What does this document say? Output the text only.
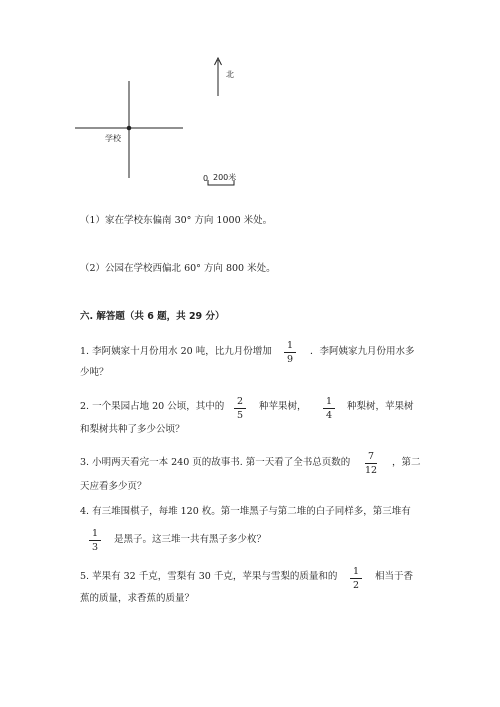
北
学校
0 200米
（1）家在学校东偏南 30° 方向 1000 米处。
（2）公园在学校西偏北 60° 方向 800 米处。
六. 解答题（共 6 题，共 29 分）
1. 李阿姨家十月份用水 20 吨，比九月份增加
1
9
．李阿姨家九月份用水多
少吨？
2. 一个果园占地 20 公顷，其中的	2
5
种苹果树，	1
4
种梨树，苹果树
和梨树共种了多少公顷？
3. 小明两天看完一本 240 页的故事书. 第一天看了全书总页数的
7
12
，第二
天应看多少页？
4. 有三堆围棋子，每堆 120 枚。第一堆黑子与第二堆的白子同样多，第三堆有
1
3
是黑子。这三堆一共有黑子多少枚？
5. 苹果有 32 千克，雪梨有 30 千克，苹果与雪梨的质量和的	1
2
相当于香
蕉的质量，求香蕉的质量？
